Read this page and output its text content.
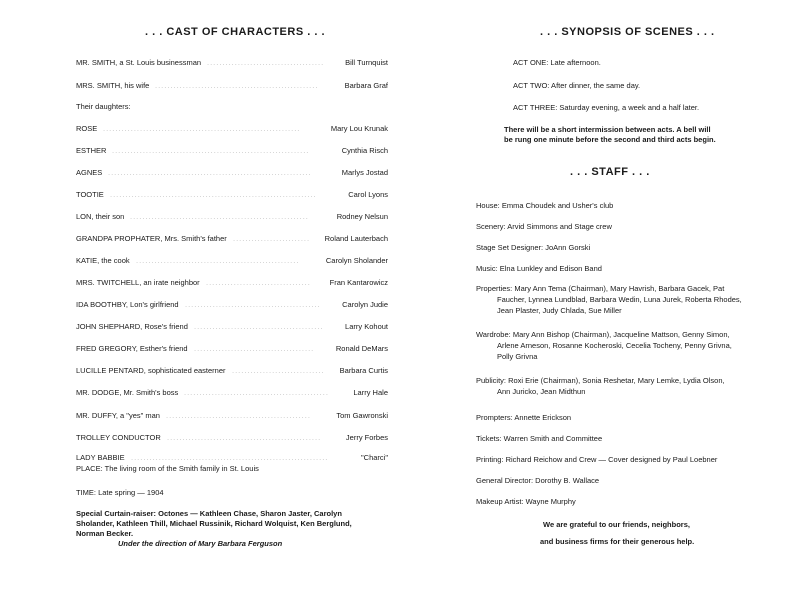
. . . CAST OF CHARACTERS . . .
MR. SMITH, a St. Louis businessman ......................................	Bill Turnquist
MRS. SMITH, his wife .....................................................	Barbara Graf
Their daughters:
ROSE ................................................................	Mary Lou Krunak
ESTHER ................................................................	Cynthia Risch
AGNES ..................................................................	Marlys Jostad
TOOTIE ...................................................................	Carol Lyons
LON, their son ..........................................................	Rodney Nelsun
GRANDPA PROPHATER, Mrs. Smith's father .........................	Roland Lauterbach
KATIE, the cook .....................................................	Carolyn Sholander
MRS. TWITCHELL, an irate neighbor ..................................	Fran Kantarowicz
IDA BOOTHBY, Lon's girlfriend ............................................	Carolyn Judie
JOHN SHEPHARD, Rose's friend ..........................................	Larry Kohout
FRED GREGORY, Esther's friend .......................................	Ronald DeMars
LUCILLE PENTARD, sophisticated easterner ..............................	Barbara Curtis
MR. DODGE, Mr. Smith's boss ...............................................	Larry Hale
MR. DUFFY, a "yes" man ...............................................	Tom Gawronski
TROLLEY CONDUCTOR ..................................................	Jerry Forbes
LADY BABBIE ................................................................	"Charci"
PLACE: The living room of the Smith family in St. Louis
TIME: Late spring — 1904
Special Curtain-raiser: Octones — Kathleen Chase, Sharon Jaster, Carolyn
Sholander, Kathleen Thill, Michael Russinik, Richard Wolquist, Ken Berglund,
Norman Becker.
Under the direction of Mary Barbara Ferguson
. . . SYNOPSIS OF SCENES . . .
ACT ONE: Late afternoon.
ACT TWO: After dinner, the same day.
ACT THREE: Saturday evening, a week and a half later.
There will be a short intermission between acts. A bell will
be rung one minute before the second and third acts begin.
. . . STAFF . . .
House: Emma Choudek and Usher's club
Scenery: Arvid Simmons and Stage crew
Stage Set Designer: JoAnn Gorski
Music: Elna Lunkley and Edison Band
Properties: Mary Ann Tema (Chairman), Mary Havrish, Barbara Gacek, Pat
Faucher, Lynnea Lundblad, Barbara Wedin, Luna Jurek, Roberta Rhodes,
Jean Plaster, Judy Chlada, Sue Miller
Wardrobe: Mary Ann Bishop (Chairman), Jacqueline Mattson, Genny Simon,
Arlene Arneson, Rosanne Kocheroski, Cecelia Tocheny, Penny Grivna,
Polly Grivna
Publicity: Roxi Erie (Chairman), Sonia Reshetar, Mary Lemke, Lydia Olson,
Ann Juricko, Jean Midthun
Prompters: Annette Erickson
Tickets: Warren Smith and Committee
Printing: Richard Reichow and Crew — Cover designed by Paul Loebner
General Director: Dorothy B. Wallace
Makeup Artist: Wayne Murphy
We are grateful to our friends, neighbors,
and business firms for their generous help.
